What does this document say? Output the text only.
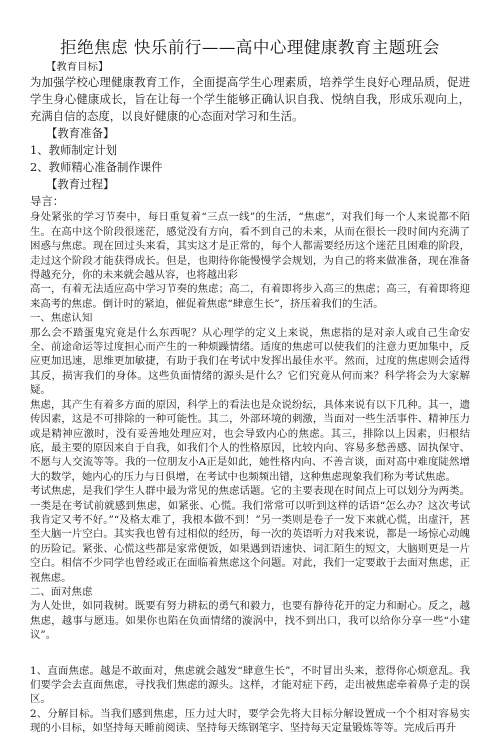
拒绝焦虑 快乐前行——高中心理健康教育主题班会

【教育目标】

为加强学校心理健康教育工作，全面提高学生心理素质，培养学生良好心理品质，促进学生身心健康成长，旨在让每一个学生能够正确认识自我、悦纳自我，形成乐观向上，充满自信的态度，以良好健康的心态面对学习和生活。

【教育准备】

1、教师制定计划

2、教师精心准备制作课件

【教育过程】

导言：

身处紧张的学习节奏中，每日重复着“三点一线”的生活，“焦虑”，对我们每一个人来说都不陌生。在高中这个阶段很迷茫，感觉没有方向，看不到自己的未来，从而在很长一段时间内充满了困惑与焦虑。现在回过头来看，其实这才是正常的，每个人都需要经历这个迷茫且困难的阶段，走过这个阶段才能获得成长。但是，也期待你能慢慢学会规划，为自己的将来做准备，现在准备得越充分，你的未来就会越从容，也将越出彩

高一，有着无法适应高中学习节奏的焦虑；高二，有着即将步入高三的焦虑；高三，有着即将迎来高考的焦虑。倒计时的紧迫，催促着焦虑“肆意生长”，挤压着我们的生活。

一、焦虑认知

那么会不踏蛋鬼究竟是什么东西呢？从心理学的定义上来说，焦虑指的是对亲人或自己生命安全、前途命运等过度担心而产生的一种烦躁情绪。适度的焦虑可以使我们的注意力更加集中，反应更加迅速，思维更加敏捷，有助于我们在考试中发挥出最佳水平。然而，过度的焦虑则会适得其反，损害我们的身体。这些负面情绪的源头是什么？它们究竟从何而来？科学将会为大家解疑。

焦虑，其产生有着多方面的原因，科学上的看法也是众说纷纭，具体来说有以下几种。其一，遗传因素，这是不可排除的一种可能性。其二，外部环境的刺激，当面对一些生活事件、精神压力或是精神应激时，没有妥善地处理应对，也会导致内心的焦虑。其三，排除以上因素，归根结底，最主要的原因来自于自我，如我们个人的性格原因，比较内向、容易多愁善感、固执保守、不愿与人交流等等。我的一位朋友小A正是如此，她性格内向、不善言谈，面对高中难度陡然增大的数学，她内心的压力与日俱增，在考试中也频频出错，这种焦虑现象我们称为考试焦虑。

考试焦虑，是我们学生人群中最为常见的焦虑话题。它的主要表现在时间点上可以划分为两类。一类是在考试前就感到焦虑，如紧张、心慌。我们常常可以听到这样的话语“怎么办？这次考试我肯定又考不好。”“及格太难了，我根本做不到！”另一类则是卷子一发下来就心慌，出虚汗，甚至大脑一片空白。其实我也曾有过相似的经历，每一次的英语听力对我来说，都是一场惊心动魄的历险记。紧张、心慌这些都是家常便饭，如果遇到语速快、词汇陌生的短文，大脑则更是一片空白。相信不少同学也曾经或正在面临着焦虑这个问题。对此，我们一定要敢于去面对焦虑，正视焦虑。

二、面对焦虑

为人处世，如同栽树。既要有努力耕耘的勇气和毅力，也要有静待花开的定力和耐心。反之，越焦虑，越事与愿违。如果你也陷在负面情绪的漩涡中，找不到出口，我可以给你分享一些“小建议”。

1、直面焦虑。越是不敢面对，焦虑就会越发“肆意生长”，不时冒出头来，惹得你心烦意乱。我们要学会去直面焦虑，寻找我们焦虑的源头。这样，才能对症下药，走出被焦虑牵着鼻子走的误区。

2、分解目标。当我们感到焦虑，压力过大时，要学会先将大目标分解设置成一个个相对容易实现的小目标，如坚持每天睡前阅读、坚持每天练钢笔字、坚持每天定量锻炼等等。完成后再升
